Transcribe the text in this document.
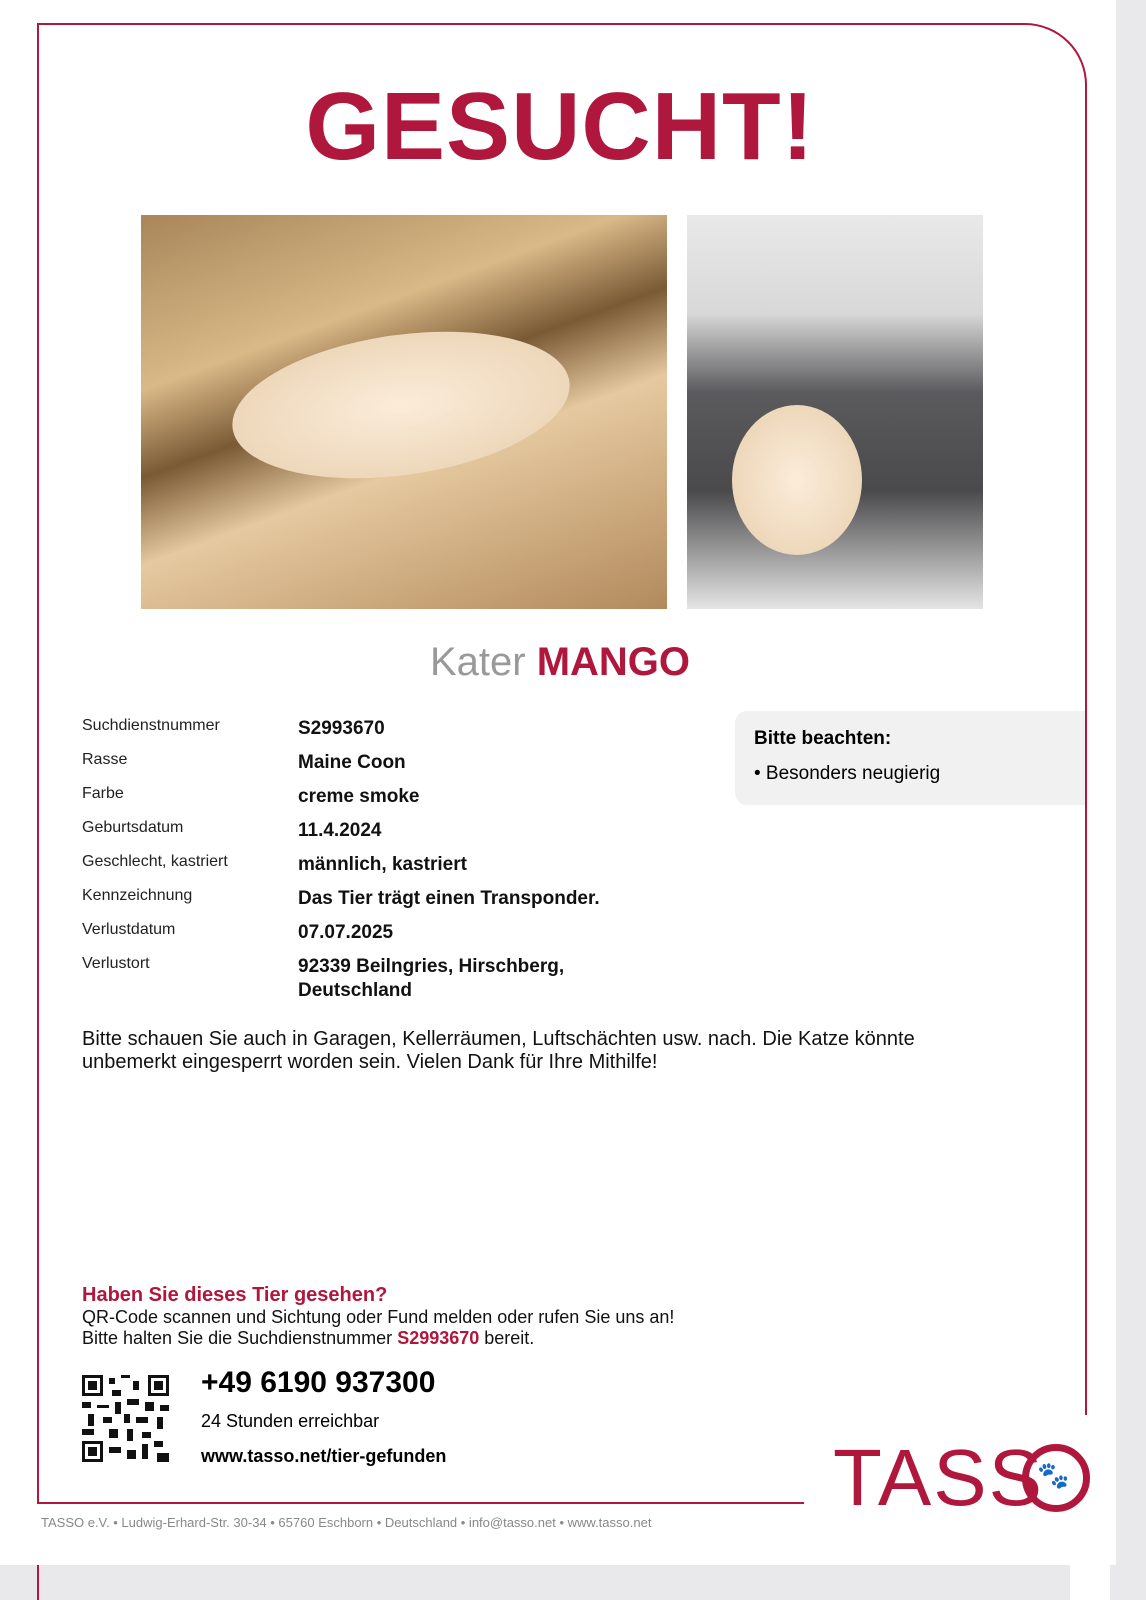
GESUCHT!
Kater MANGO
Suchdienstnummer	S2993670
Rasse	Maine Coon
Farbe	creme smoke
Geburtsdatum	11.4.2024
Geschlecht, kastriert	männlich, kastriert
Kennzeichnung	Das Tier trägt einen Transponder.
Verlustdatum	07.07.2025
Verlustort	92339 Beilngries, Hirschberg, Deutschland
Bitte beachten:
• Besonders neugierig
Bitte schauen Sie auch in Garagen, Kellerräumen, Luftschächten usw. nach. Die Katze könnte unbemerkt eingesperrt worden sein. Vielen Dank für Ihre Mithilfe!
Haben Sie dieses Tier gesehen?
QR-Code scannen und Sichtung oder Fund melden oder rufen Sie uns an!
Bitte halten Sie die Suchdienstnummer S2993670 bereit.
+49 6190 937300
24 Stunden erreichbar
www.tasso.net/tier-gefunden	TASS
🐾
TASSO e.V. • Ludwig-Erhard-Str. 30-34 • 65760 Eschborn • Deutschland • info@tasso.net • www.tasso.net
